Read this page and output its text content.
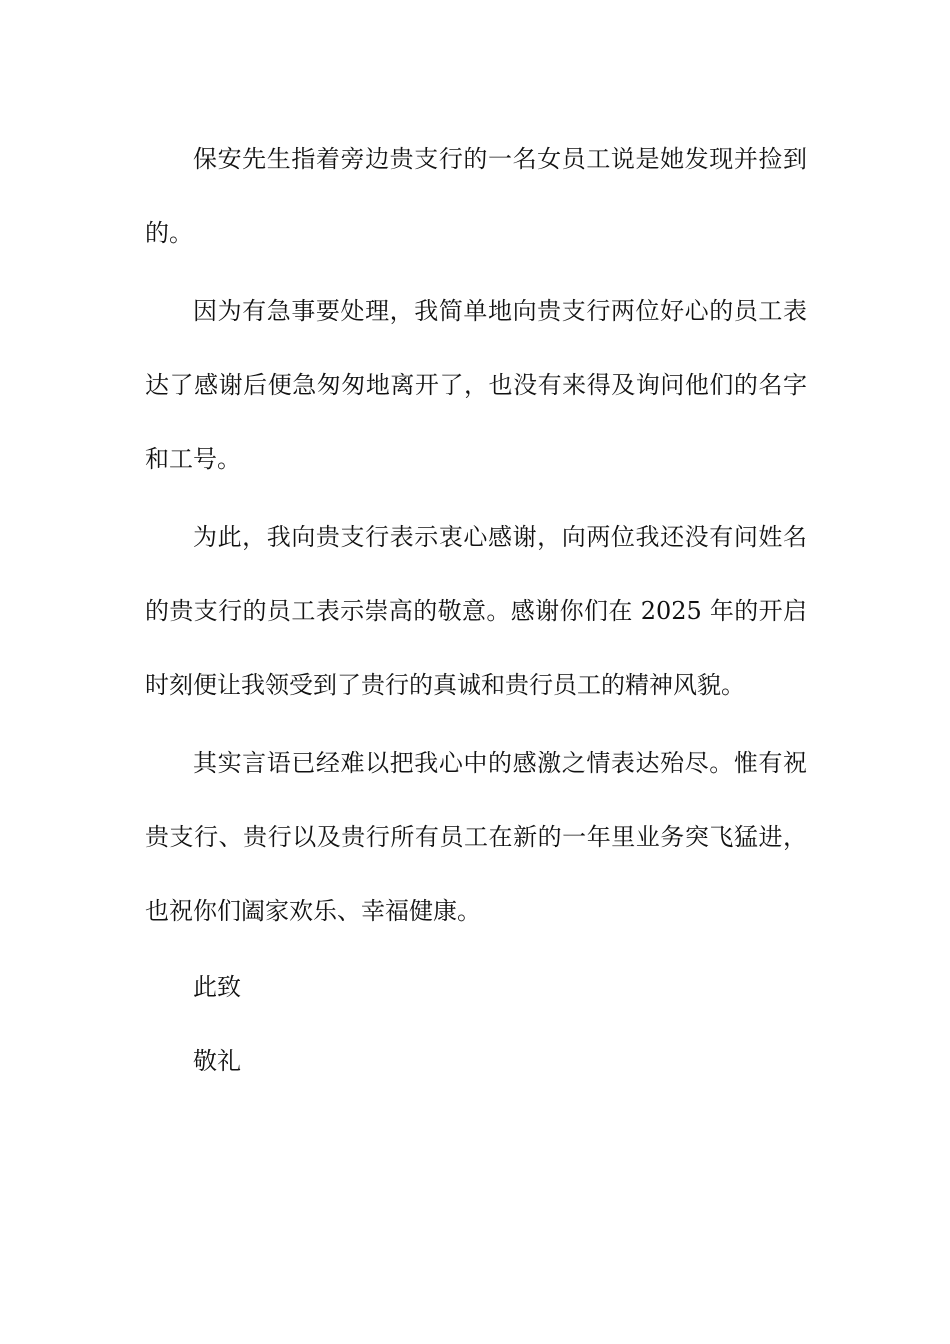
保安先生指着旁边贵支行的一名女员工说是她发现并捡到的。

因为有急事要处理，我简单地向贵支行两位好心的员工表达了感谢后便急匆匆地离开了，也没有来得及询问他们的名字和工号。

为此，我向贵支行表示衷心感谢，向两位我还没有问姓名的贵支行的员工表示崇高的敬意。感谢你们在 2025 年的开启时刻便让我领受到了贵行的真诚和贵行员工的精神风貌。

其实言语已经难以把我心中的感激之情表达殆尽。惟有祝贵支行、贵行以及贵行所有员工在新的一年里业务突飞猛进，也祝你们阖家欢乐、幸福健康。

此致

敬礼
